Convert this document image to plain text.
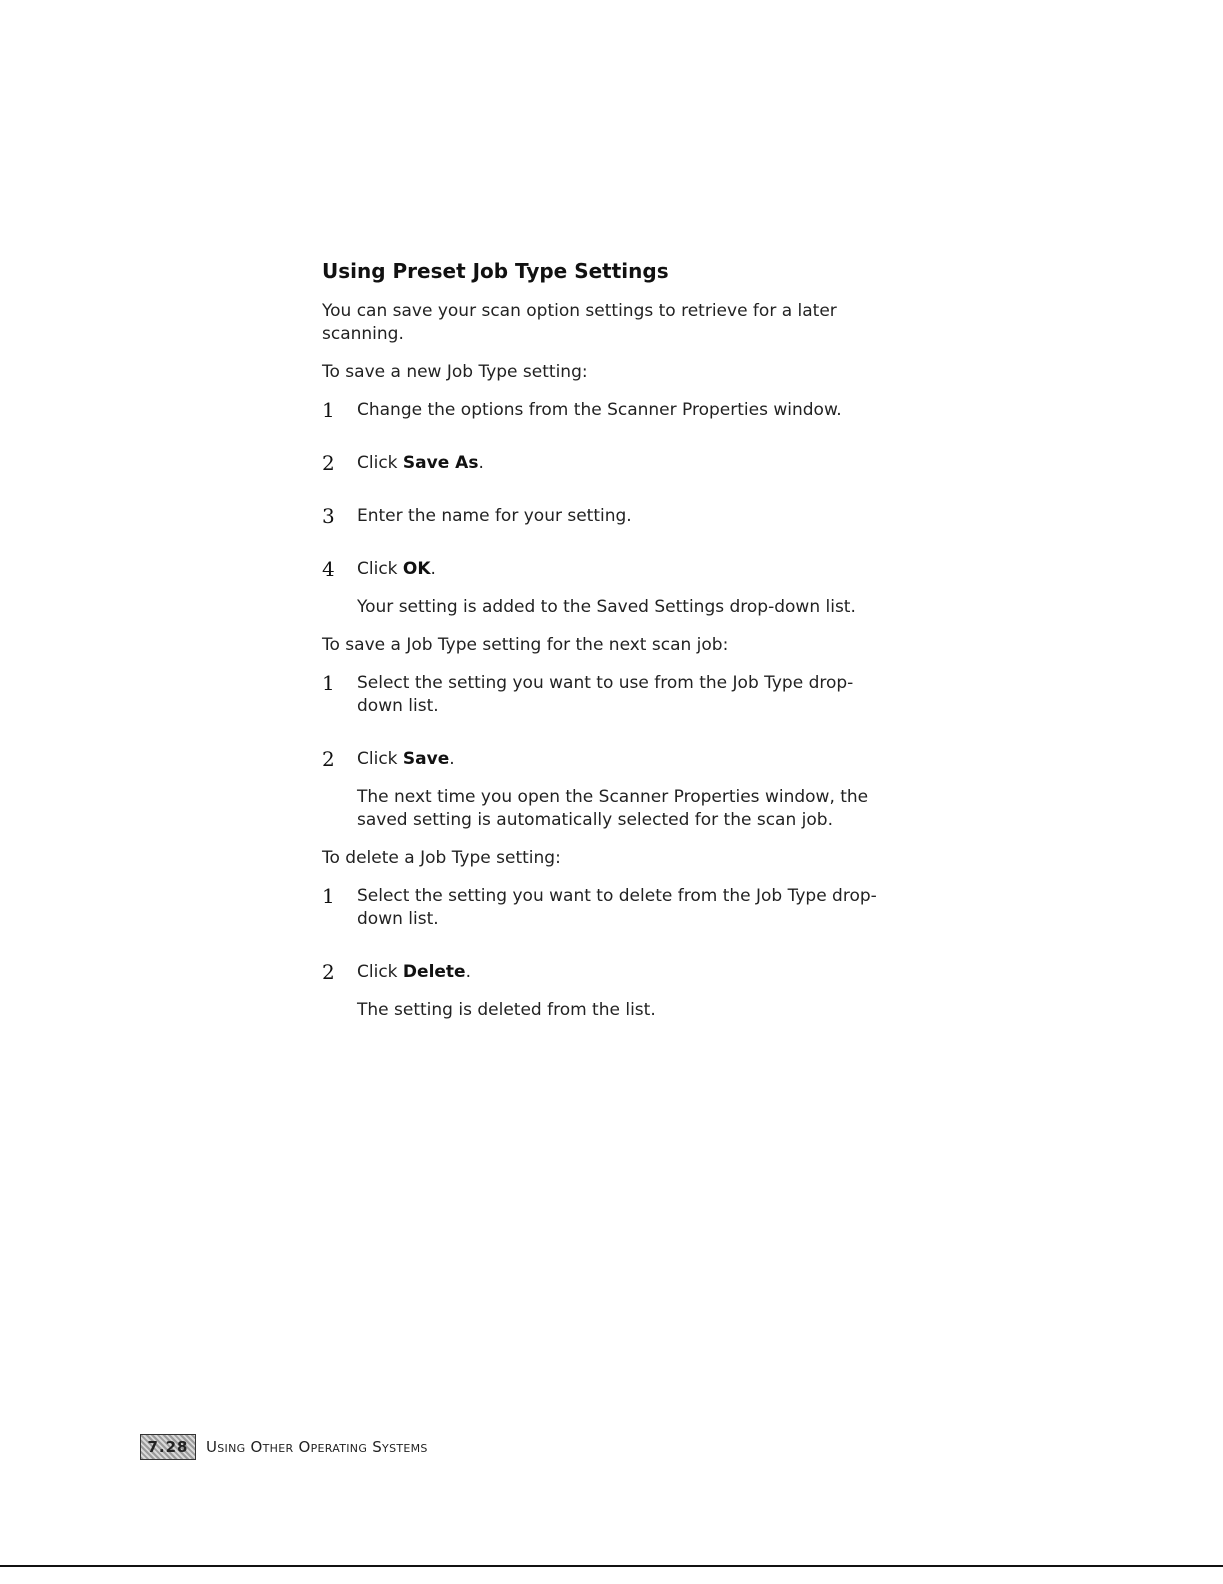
Using Preset Job Type Settings

You can save your scan option settings to retrieve for a later scanning.

To save a new Job Type setting:

1 Change the options from the Scanner Properties window.
2 Click Save As.
3 Enter the name for your setting.
4 Click OK.

Your setting is added to the Saved Settings drop-down list.

To save a Job Type setting for the next scan job:

1 Select the setting you want to use from the Job Type drop-down list.
2 Click Save.

The next time you open the Scanner Properties window, the saved setting is automatically selected for the scan job.

To delete a Job Type setting:

1 Select the setting you want to delete from the Job Type drop-down list.
2 Click Delete.

The setting is deleted from the list.

7.28	Using Other Operating Systems
